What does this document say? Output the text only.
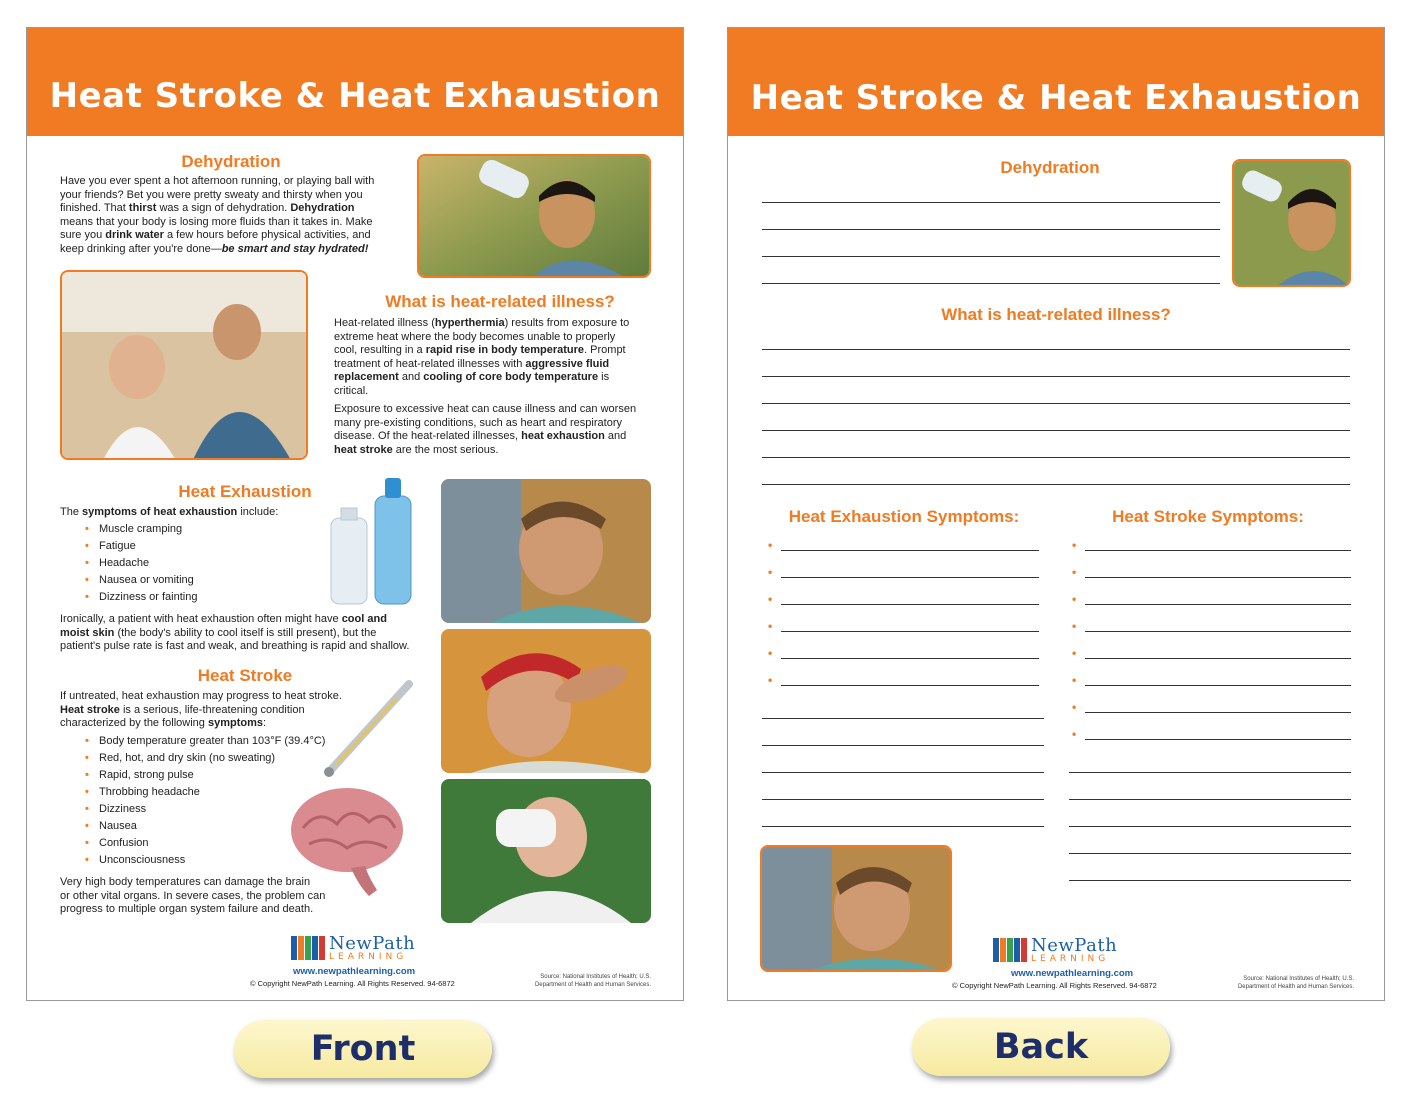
Heat Stroke & Heat Exhaustion
Dehydration
Have you ever spent a hot afternoon running, or playing ball with
your friends? Bet you were pretty sweaty and thirsty when you
finished. That thirst was a sign of dehydration. Dehydration
means that your body is losing more fluids than it takes in. Make
sure you drink water a few hours before physical activities, and
keep drinking after you're done—be smart and stay hydrated!
What is heat-related illness?
Heat-related illness (hyperthermia) results from exposure to
extreme heat where the body becomes unable to properly
cool, resulting in a rapid rise in body temperature. Prompt
treatment of heat-related illnesses with aggressive fluid
replacement and cooling of core body temperature is
critical.
Exposure to excessive heat can cause illness and can worsen
many pre-existing conditions, such as heart and respiratory
disease. Of the heat-related illnesses, heat exhaustion and
heat stroke are the most serious.
Heat Exhaustion
The symptoms of heat exhaustion include:
• Muscle cramping
• Fatigue
• Headache
• Nausea or vomiting
• Dizziness or fainting
Ironically, a patient with heat exhaustion often might have cool and
moist skin (the body's ability to cool itself is still present), but the
patient's pulse rate is fast and weak, and breathing is rapid and shallow.
Heat Stroke
If untreated, heat exhaustion may progress to heat stroke.
Heat stroke is a serious, life-threatening condition
characterized by the following symptoms:
• Body temperature greater than 103°F (39.4°C)
• Red, hot, and dry skin (no sweating)
• Rapid, strong pulse
• Throbbing headache
• Dizziness
• Nausea
• Confusion
• Unconsciousness
Very high body temperatures can damage the brain
or other vital organs. In severe cases, the problem can
progress to multiple organ system failure and death.
NewPath
LEARNING
www.newpathlearning.com
© Copyright NewPath Learning. All Rights Reserved. 94-6872
Source: National Institutes of Health; U.S.
Department of Health and Human Services.
Heat Stroke & Heat Exhaustion
Dehydration
What is heat-related illness?
Heat Exhaustion Symptoms:	Heat Stroke Symptoms:
•
•
•
•
•
•
•
•
•
•
•
•
•
•
NewPath
LEARNING
www.newpathlearning.com
© Copyright NewPath Learning. All Rights Reserved. 94-6872
Source: National Institutes of Health; U.S.
Department of Health and Human Services.
Front	Back
